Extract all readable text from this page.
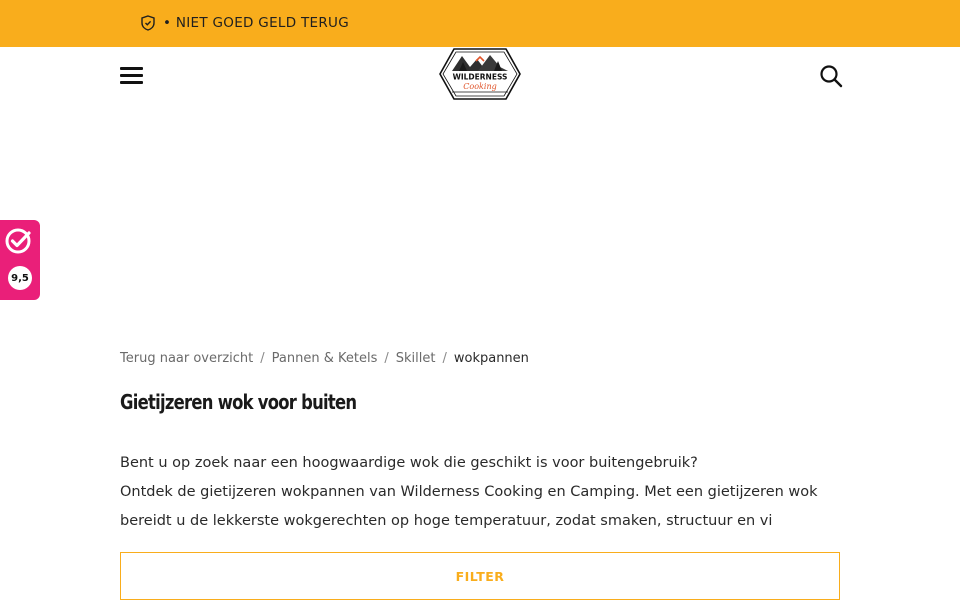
• NIET GOED GELD TERUG
WILDERNESS
Cooking
9,5
Terug naar overzicht / Pannen & Ketels / Skillet / wokpannen
Gietijzeren wok voor buiten

Bent u op zoek naar een hoogwaardige wok die geschikt is voor buitengebruik?

Ontdek de gietijzeren wokpannen van Wilderness Cooking en Camping. Met een gietijzeren wok

bereidt u de lekkerste wokgerechten op hoge temperatuur, zodat smaken, structuur en vi

FILTER
